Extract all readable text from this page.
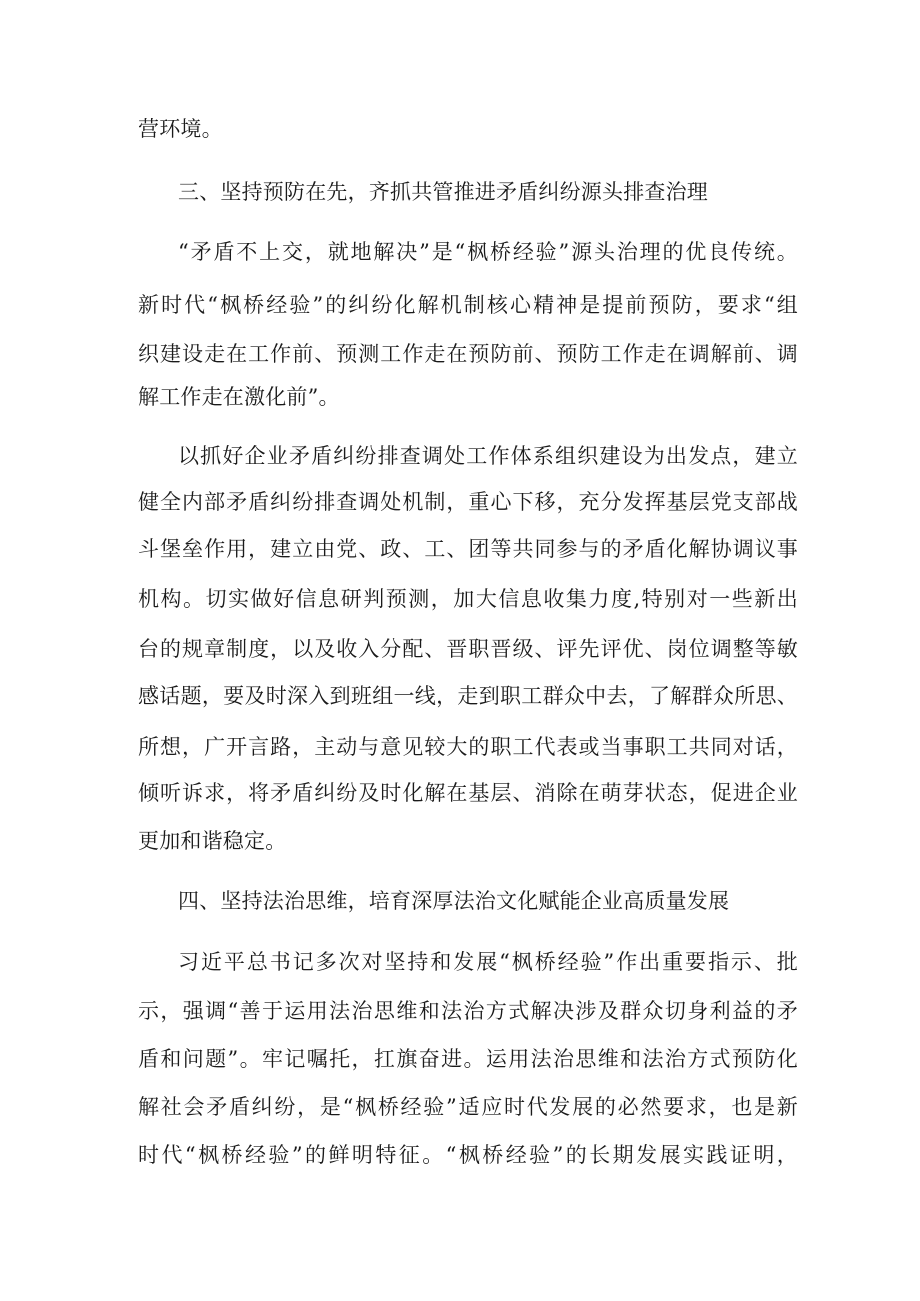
营环境。
三、坚持预防在先，齐抓共管推进矛盾纠纷源头排查治理
“矛盾不上交，就地解决”是“枫桥经验”源头治理的优良传统。
新时代“枫桥经验”的纠纷化解机制核心精神是提前预防，要求“组
织建设走在工作前、预测工作走在预防前、预防工作走在调解前、调
解工作走在激化前”。
以抓好企业矛盾纠纷排查调处工作体系组织建设为出发点，建立
健全内部矛盾纠纷排查调处机制，重心下移，充分发挥基层党支部战
斗堡垒作用，建立由党、政、工、团等共同参与的矛盾化解协调议事
机构。切实做好信息研判预测，加大信息收集力度,特别对一些新出
台的规章制度，以及收入分配、晋职晋级、评先评优、岗位调整等敏
感话题，要及时深入到班组一线，走到职工群众中去，了解群众所思、
所想，广开言路，主动与意见较大的职工代表或当事职工共同对话，
倾听诉求，将矛盾纠纷及时化解在基层、消除在萌芽状态，促进企业
更加和谐稳定。
四、坚持法治思维，培育深厚法治文化赋能企业高质量发展
习近平总书记多次对坚持和发展“枫桥经验”作出重要指示、批
示，强调“善于运用法治思维和法治方式解决涉及群众切身利益的矛
盾和问题”。牢记嘱托，扛旗奋进。运用法治思维和法治方式预防化
解社会矛盾纠纷，是“枫桥经验”适应时代发展的必然要求，也是新
时代“枫桥经验”的鲜明特征。“枫桥经验”的长期发展实践证明，
